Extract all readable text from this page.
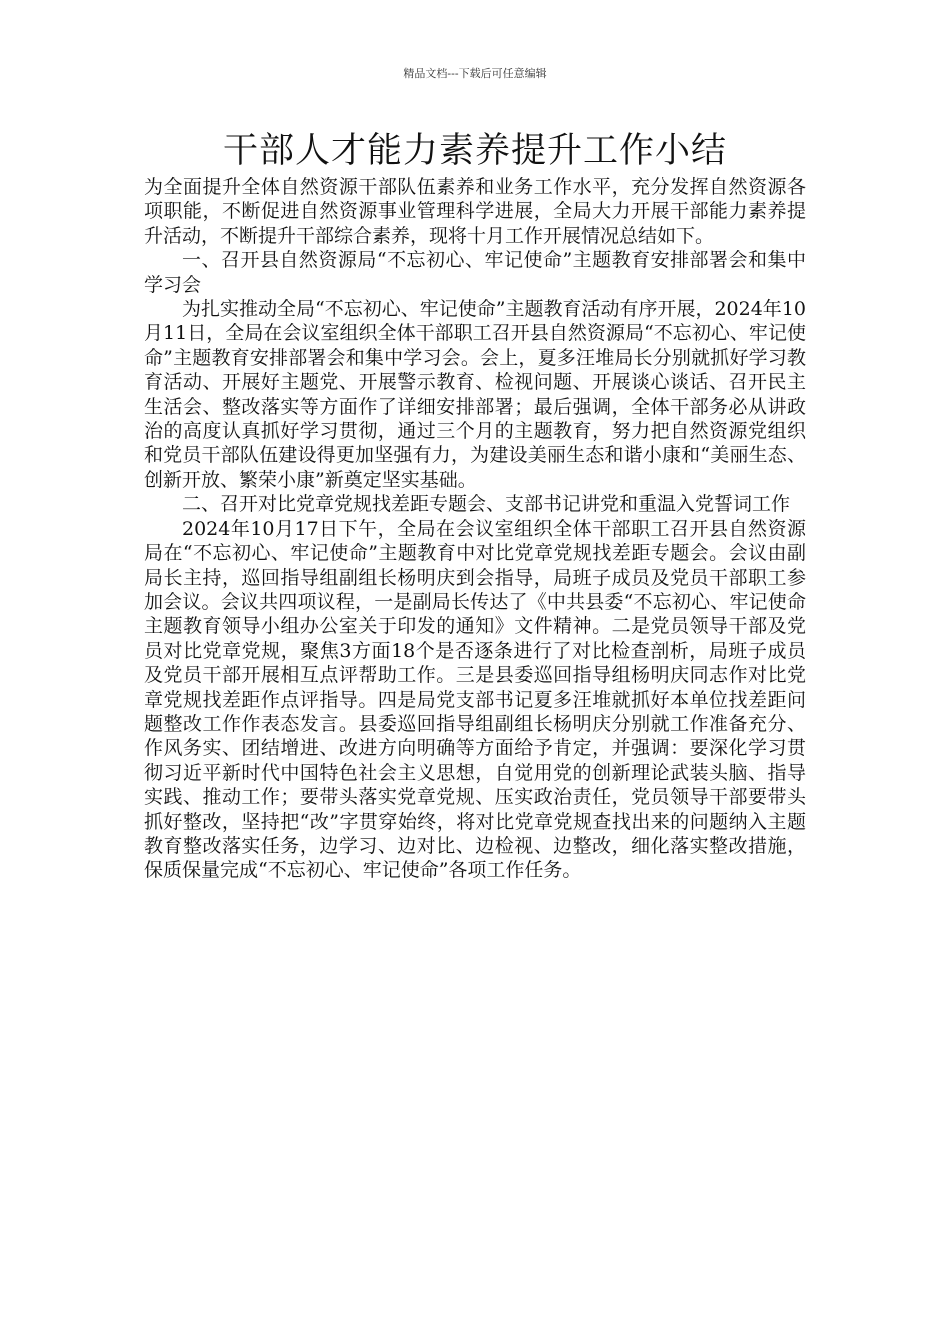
精品文档---下载后可任意编辑
干部人才能力素养提升工作小结

为全面提升全体自然资源干部队伍素养和业务工作水平，充分发挥自然资源各项职能，不断促进自然资源事业管理科学进展，全局大力开展干部能力素养提升活动，不断提升干部综合素养，现将十月工作开展情况总结如下。

一、召开县自然资源局“不忘初心、牢记使命”主题教育安排部署会和集中学习会

为扎实推动全局“不忘初心、牢记使命”主题教育活动有序开展，2024年10月11日，全局在会议室组织全体干部职工召开县自然资源局“不忘初心、牢记使命”主题教育安排部署会和集中学习会。会上，夏多汪堆局长分别就抓好学习教育活动、开展好主题党、开展警示教育、检视问题、开展谈心谈话、召开民主生活会、整改落实等方面作了详细安排部署；最后强调，全体干部务必从讲政治的高度认真抓好学习贯彻，通过三个月的主题教育，努力把自然资源党组织和党员干部队伍建设得更加坚强有力，为建设美丽生态和谐小康和“美丽生态、创新开放、繁荣小康”新奠定坚实基础。

二、召开对比党章党规找差距专题会、支部书记讲党和重温入党誓词工作

2024年10月17日下午，全局在会议室组织全体干部职工召开县自然资源局在“不忘初心、牢记使命”主题教育中对比党章党规找差距专题会。会议由副局长主持，巡回指导组副组长杨明庆到会指导，局班子成员及党员干部职工参加会议。会议共四项议程，一是副局长传达了《中共县委“不忘初心、牢记使命主题教育领导小组办公室关于印发的通知》文件精神。二是党员领导干部及党员对比党章党规，聚焦3方面18个是否逐条进行了对比检查剖析，局班子成员及党员干部开展相互点评帮助工作。三是县委巡回指导组杨明庆同志作对比党章党规找差距作点评指导。四是局党支部书记夏多汪堆就抓好本单位找差距问题整改工作作表态发言。县委巡回指导组副组长杨明庆分别就工作准备充分、作风务实、团结增进、改进方向明确等方面给予肯定，并强调：要深化学习贯彻习近平新时代中国特色社会主义思想，自觉用党的创新理论武装头脑、指导实践、推动工作；要带头落实党章党规、压实政治责任，党员领导干部要带头抓好整改，坚持把“改”字贯穿始终，将对比党章党规查找出来的问题纳入主题教育整改落实任务，边学习、边对比、边检视、边整改，细化落实整改措施，保质保量完成“不忘初心、牢记使命”各项工作任务。
